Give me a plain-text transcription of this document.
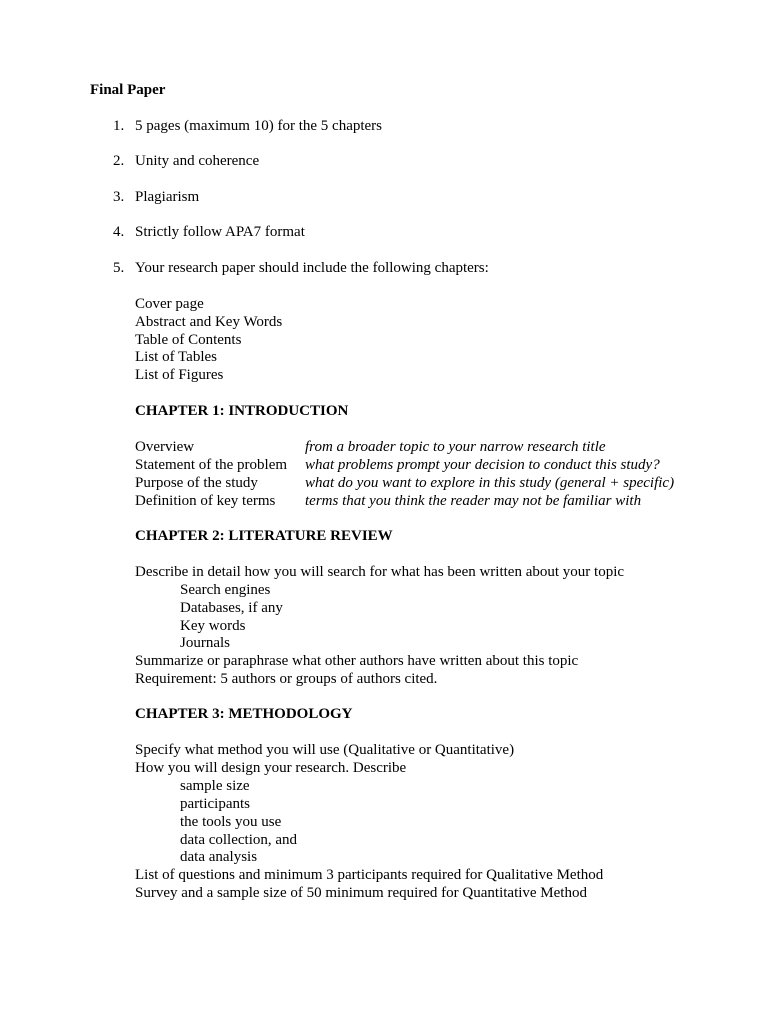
Final Paper
1. 5 pages (maximum 10) for the 5 chapters
2. Unity and coherence
3. Plagiarism
4. Strictly follow APA7 format
5. Your research paper should include the following chapters:
Cover page
Abstract and Key Words
Table of Contents
List of Tables
List of Figures
CHAPTER 1: INTRODUCTION
Overview	from a broader topic to your narrow research title
Statement of the problem what problems prompt your decision to conduct this study?
Purpose of the study	what do you want to explore in this study (general + specific)
Definition of key terms terms that you think the reader may not be familiar with
CHAPTER 2: LITERATURE REVIEW
Describe in detail how you will search for what has been written about your topic
Search engines
Databases, if any
Key words
Journals
Summarize or paraphrase what other authors have written about this topic
Requirement: 5 authors or groups of authors cited.
CHAPTER 3: METHODOLOGY
Specify what method you will use (Qualitative or Quantitative)
How you will design your research. Describe
sample size
participants
the tools you use
data collection, and
data analysis
List of questions and minimum 3 participants required for Qualitative Method
Survey and a sample size of 50 minimum required for Quantitative Method
